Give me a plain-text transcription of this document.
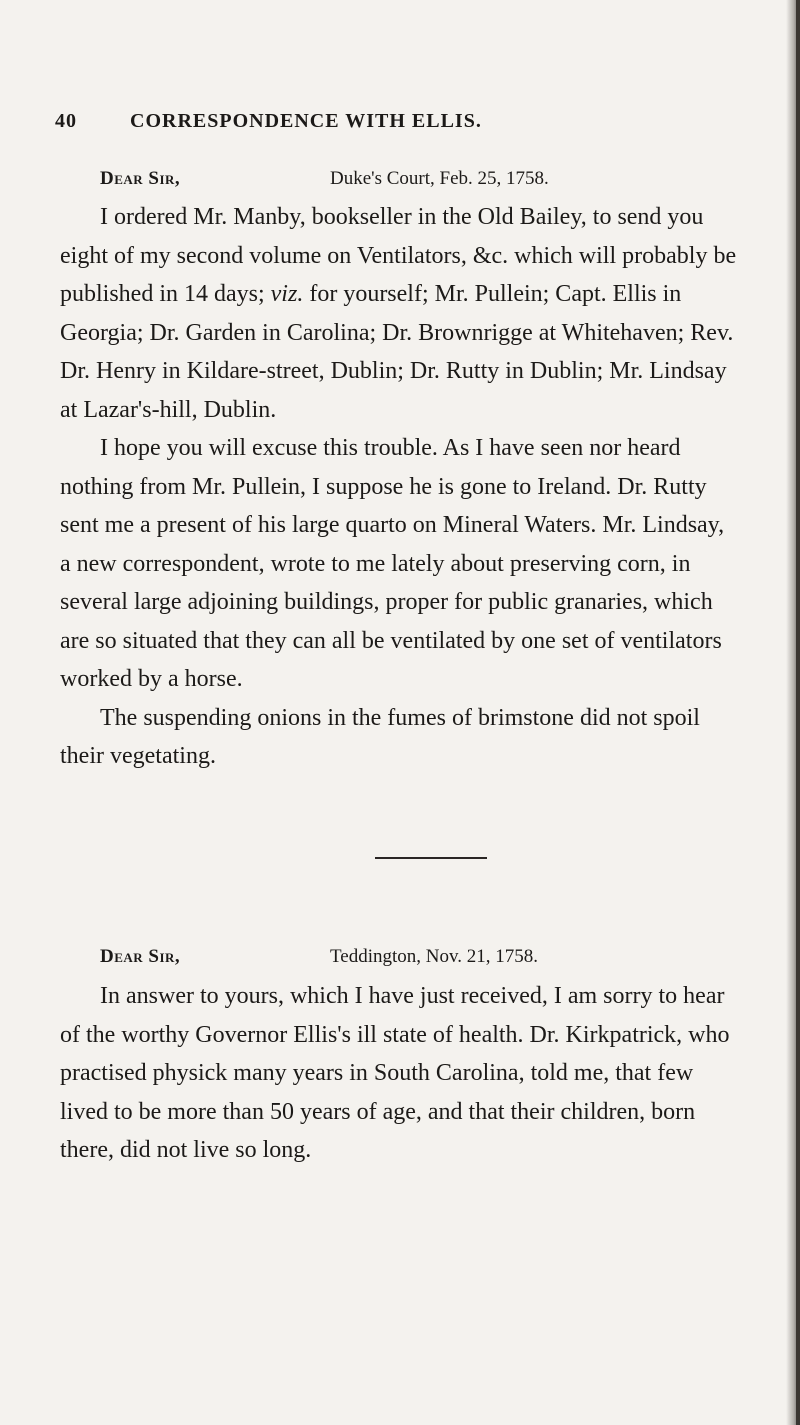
40	CORRESPONDENCE WITH ELLIS.
Dear Sir,	Duke's Court, Feb. 25, 1758.

I ordered Mr. Manby, bookseller in the Old Bailey, to send you eight of my second volume on Ventilators, &c. which will probably be published in 14 days; viz. for yourself; Mr. Pullein; Capt. Ellis in Georgia; Dr. Garden in Carolina; Dr. Brownrigge at Whitehaven; Rev. Dr. Henry in Kildare-street, Dublin; Dr. Rutty in Dublin; Mr. Lindsay at Lazar's-hill, Dublin.

I hope you will excuse this trouble. As I have seen nor heard nothing from Mr. Pullein, I suppose he is gone to Ireland. Dr. Rutty sent me a present of his large quarto on Mineral Waters. Mr. Lindsay, a new correspondent, wrote to me lately about preserving corn, in several large adjoining buildings, proper for public granaries, which are so situated that they can all be ventilated by one set of ventilators worked by a horse.

The suspending onions in the fumes of brimstone did not spoil their vegetating.

Dear Sir,	Teddington, Nov. 21, 1758.

In answer to yours, which I have just received, I am sorry to hear of the worthy Governor Ellis's ill state of health. Dr. Kirkpatrick, who practised physick many years in South Carolina, told me, that few lived to be more than 50 years of age, and that their children, born there, did not live so long.
